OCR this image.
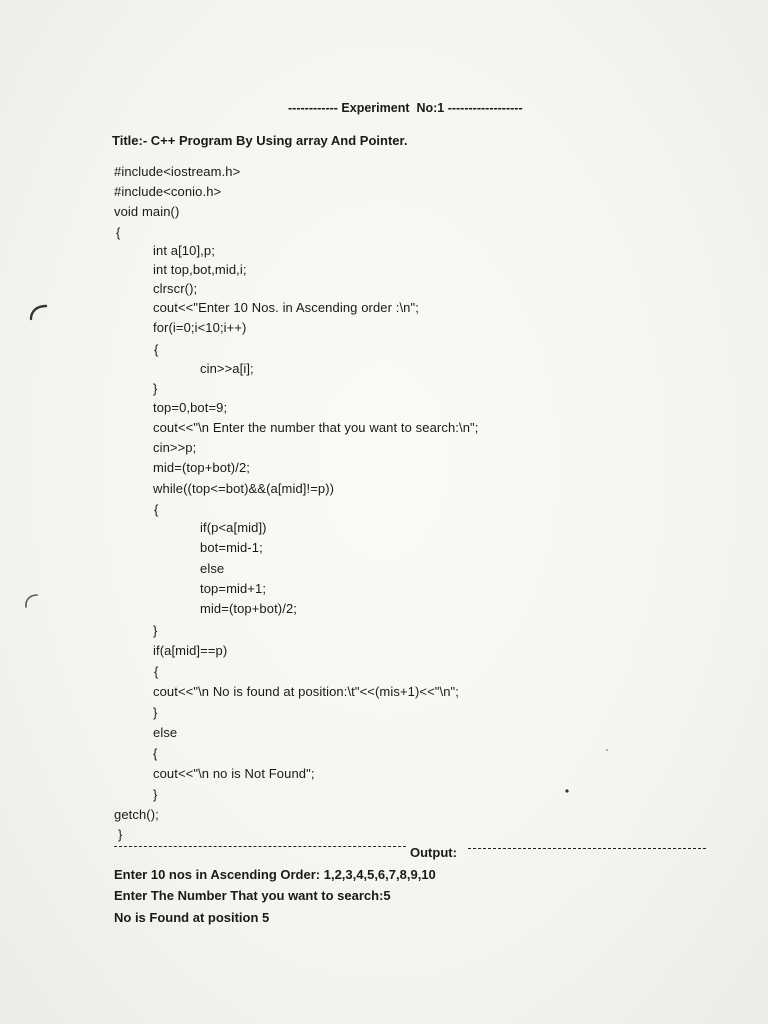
------------ Experiment  No:1 ------------------
Title:- C++ Program By Using array And Pointer.
#include<iostream.h>
#include<conio.h>
void main()
{
int a[10],p;
int top,bot,mid,i;
clrscr();
cout<<"Enter 10 Nos. in Ascending order :\n";
for(i=0;i<10;i++)
{
cin>>a[i];
}
top=0,bot=9;
cout<<"\n Enter the number that you want to search:\n";
cin>>p;
mid=(top+bot)/2;
while((top<=bot)&&(a[mid]!=p))
{
if(p<a[mid])
bot=mid-1;
else
top=mid+1;
mid=(top+bot)/2;
}
if(a[mid]==p)
{
cout<<"\n No is found at position:\t"<<(mis+1)<<"\n";
}
else
{
cout<<"\n no is Not Found";
}
getch();
}
Output:
Enter 10 nos in Ascending Order: 1,2,3,4,5,6,7,8,9,10
Enter The Number That you want to search:5
No is Found at position 5
